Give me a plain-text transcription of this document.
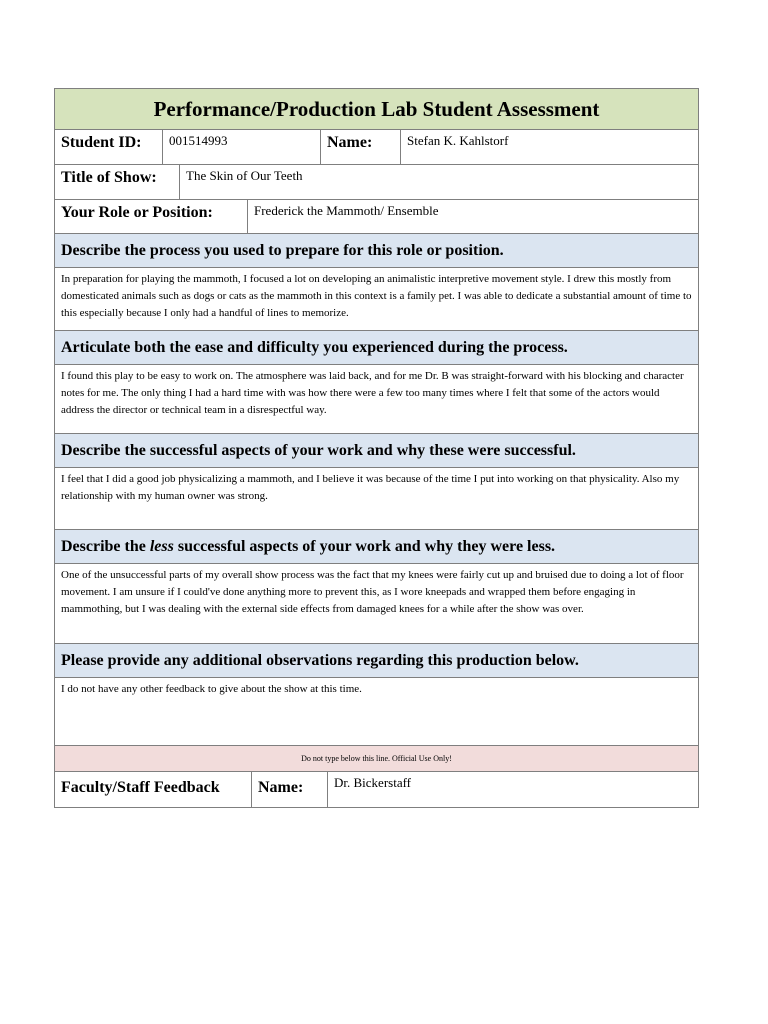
Performance/Production Lab Student Assessment
Student ID:	001514993	Name:	Stefan K. Kahlstorf
Title of Show:	The Skin of Our Teeth
Your Role or Position:	Frederick the Mammoth/ Ensemble
Describe the process you used to prepare for this role or position.
In preparation for playing the mammoth, I focused a lot on developing an animalistic interpretive movement style. I drew this mostly from domesticated animals such as dogs or cats as the mammoth in this context is a family pet. I was able to dedicate a substantial amount of time to this especially because I only had a handful of lines to memorize.
Articulate both the ease and difficulty you experienced during the process.
I found this play to be easy to work on. The atmosphere was laid back, and for me Dr. B was straight-forward with his blocking and character notes for me. The only thing I had a hard time with was how there were a few too many times where I felt that some of the actors would address the director or technical team in a disrespectful way.
Describe the successful aspects of your work and why these were successful.
I feel that I did a good job physicalizing a mammoth, and I believe it was because of the time I put into working on that physicality. Also my relationship with my human owner was strong.
Describe the less successful aspects of your work and why they were less.
One of the unsuccessful parts of my overall show process was the fact that my knees were fairly cut up and bruised due to doing a lot of floor movement. I am unsure if I could've done anything more to prevent this, as I wore kneepads and wrapped them before engaging in mammothing, but I was dealing with the external side effects from damaged knees for a while after the show was over.
Please provide any additional observations regarding this production below.
I do not have any other feedback to give about the show at this time.
Do not type below this line. Official Use Only!
Faculty/Staff Feedback	Name:	Dr. Bickerstaff
